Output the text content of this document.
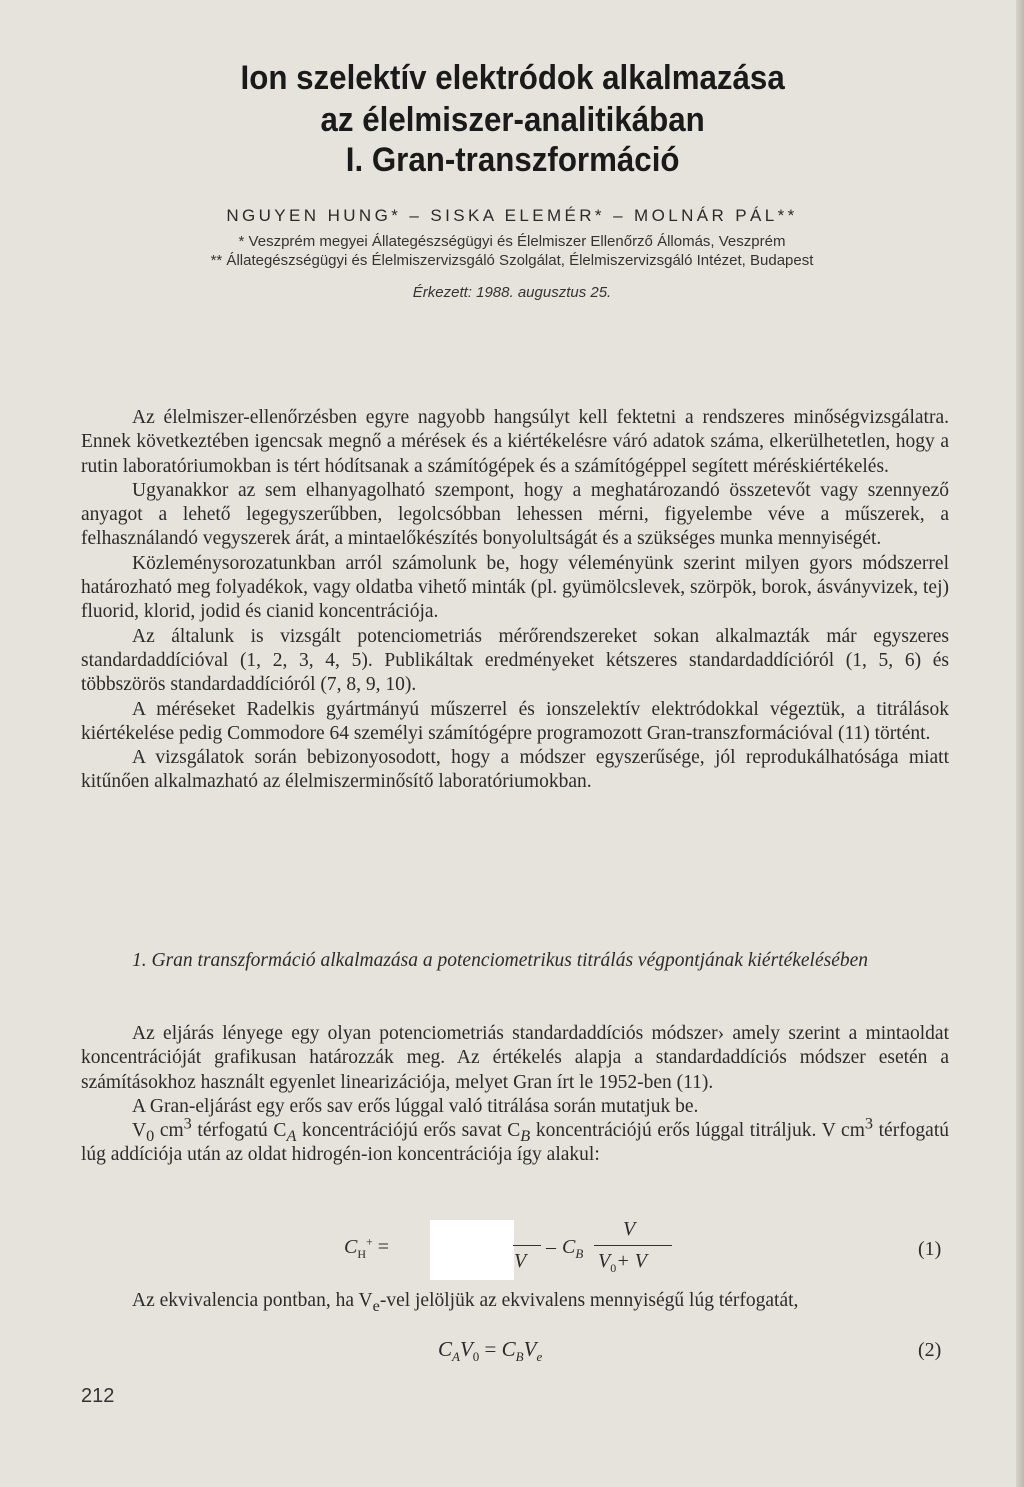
Ion szelektív elektródok alkalmazása
az élelmiszer-analitikában
I. Gran-transzformáció
NGUYEN HUNG* – SISKA ELEMÉR* – MOLNÁR PÁL**
* Veszprém megyei Állategészségügyi és Élelmiszer Ellenőrző Állomás, Veszprém
** Állategészségügyi és Élelmiszervizsgáló Szolgálat, Élelmiszervizsgáló Intézet, Budapest
Érkezett: 1988. augusztus 25.

Az élelmiszer-ellenőrzésben egyre nagyobb hangsúlyt kell fektetni a rendszeres minőségvizsgálatra. Ennek következtében igencsak megnő a mérések és a kiértékelésre váró adatok száma, elkerülhetetlen, hogy a rutin laboratóriumokban is tért hódítsanak a számítógépek és a számítógéppel segített méréskiértékelés.

Ugyanakkor az sem elhanyagolható szempont, hogy a meghatározandó összetevőt vagy szennyező anyagot a lehető legegyszerűbben, legolcsóbban lehessen mérni, figyelembe véve a műszerek, a felhasználandó vegyszerek árát, a mintaelőkészítés bonyolultságát és a szükséges munka mennyiségét.

Közleménysorozatunkban arról számolunk be, hogy véleményünk szerint milyen gyors módszerrel határozható meg folyadékok, vagy oldatba vihető minták (pl. gyümölcslevek, szörpök, borok, ásványvizek, tej) fluorid, klorid, jodid és cianid koncentrációja.

Az általunk is vizsgált potenciometriás mérőrendszereket sokan alkalmazták már egyszeres standardaddícióval (1, 2, 3, 4, 5). Publikáltak eredményeket kétszeres standardaddícióról (1, 5, 6) és többszörös standardaddícióról (7, 8, 9, 10).

A méréseket Radelkis gyártmányú műszerrel és ionszelektív elektródokkal végeztük, a titrálások kiértékelése pedig Commodore 64 személyi számítógépre programozott Gran-transzformációval (11) történt.

A vizsgálatok során bebizonyosodott, hogy a módszer egyszerűsége, jól reprodukálhatósága miatt kitűnően alkalmazható az élelmiszerminősítő laboratóriumokban.

1. Gran transzformáció alkalmazása a potenciometrikus titrálás végpontjának kiértékelésében

Az eljárás lényege egy olyan potenciometriás standardaddíciós módszer› amely szerint a mintaoldat koncentrációját grafikusan határozzák meg. Az értékelés alapja a standardaddíciós módszer esetén a számításokhoz használt egyenlet linearizációja, melyet Gran írt le 1952-ben (11).

A Gran-eljárást egy erős sav erős lúggal való titrálása során mutatjuk be.

$V_0$ $cm^3$ térfogatú $C_A$ koncentrációjú erős savat $C_B$ koncentrációjú erős lúggal titráljuk. V $cm^3$ térfogatú lúg addíciója után az oldat hidrogén-ion koncentrációja így alakul:

$C_H^+$ =
V
– $C_B$
V
$V_0+ V$
(1)

Az ekvivalencia pontban, ha $V_e$-vel jelöljük az ekvivalens mennyiségű lúg térfogatát,

$C_AV_0 = C_BV_e$	(2)
212
